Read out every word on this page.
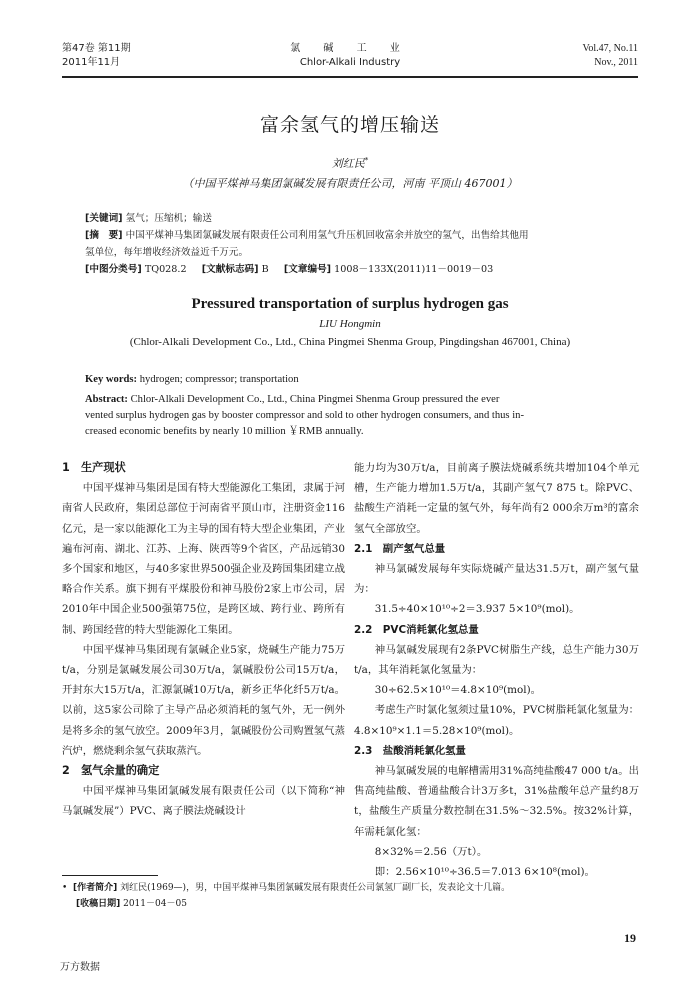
第47卷 第11期
2011年11月
氯 碱 工 业
Chlor-Alkali Industry
Vol.47, No.11
Nov., 2011
富余氢气的增压输送
刘红民*
（中国平煤神马集团氯碱发展有限责任公司，河南 平顶山 467001）

[关键词] 氢气；压缩机；输送

[摘　要] 中国平煤神马集团氯碱发展有限责任公司利用氢气升压机回收富余并放空的氢气，出售给其他用

氢单位，每年增收经济效益近千万元。

[中图分类号] TQ028.2 [文献标志码] B [文章编号] 1008－133X(2011)11－0019－03

Pressured transportation of surplus hydrogen gas
LIU Hongmin
(Chlor-Alkali Development Co., Ltd., China Pingmei Shenma Group, Pingdingshan 467001, China)

Key words: hydrogen; compressor; transportation

Abstract: Chlor-Alkali Development Co., Ltd., China Pingmei Shenma Group pressured the ever

vented surplus hydrogen gas by booster compressor and sold to other hydrogen consumers, and thus in-

creased economic benefits by nearly 10 million ￥RMB annually.

1　生产现状

中国平煤神马集团是国有特大型能源化工集团，隶属于河南省人民政府，集团总部位于河南省平顶山市，注册资金116亿元，是一家以能源化工为主导的国有特大型企业集团，产业遍布河南、湖北、江苏、上海、陕西等9个省区，产品远销30多个国家和地区，与40多家世界500强企业及跨国集团建立战略合作关系。旗下拥有平煤股份和神马股份2家上市公司，居2010年中国企业500强第75位，是跨区域、跨行业、跨所有制、跨国经营的特大型能源化工集团。

中国平煤神马集团现有氯碱企业5家，烧碱生产能力75万t/a，分别是氯碱发展公司30万t/a，氯碱股份公司15万t/a，开封东大15万t/a，汇源氯碱10万t/a，新乡正华化纤5万t/a。以前，这5家公司除了主导产品必须消耗的氢气外，无一例外是将多余的氢气放空。2009年3月，氯碱股份公司购置氢气蒸汽炉，燃烧剩余氢气获取蒸汽。

2　氢气余量的确定

中国平煤神马集团氯碱发展有限责任公司（以下简称“神马氯碱发展”）PVC、离子膜法烧碱设计

能力均为30万t/a，目前离子膜法烧碱系统共增加104个单元槽，生产能力增加1.5万t/a，其副产氢气7 875 t。除PVC、盐酸生产消耗一定量的氢气外，每年尚有2 000余万m³的富余氢气全部放空。

2.1　副产氢气总量

神马氯碱发展每年实际烧碱产量达31.5万t，副产氢气量为：

31.5÷40×10¹⁰÷2＝3.937 5×10⁹(mol)。

2.2　PVC消耗氯化氢总量

神马氯碱发展现有2条PVC树脂生产线，总生产能力30万t/a，其年消耗氯化氢量为：

30÷62.5×10¹⁰＝4.8×10⁹(mol)。

考虑生产时氯化氢须过量10%，PVC树脂耗氯化氢量为：4.8×10⁹×1.1＝5.28×10⁹(mol)。

2.3　盐酸消耗氯化氢量

神马氯碱发展的电解槽需用31%高纯盐酸47 000 t/a。出售高纯盐酸、普通盐酸合计3万多t，31%盐酸年总产量约8万t，盐酸生产质量分数控制在31.5%～32.5%。按32%计算，年需耗氯化氢：

8×32%＝2.56（万t）。

即：2.56×10¹⁰÷36.5＝7.013 6×10⁸(mol)。

•  [作者简介] 刘红民(1969—)，男，中国平煤神马集团氯碱发展有限责任公司氯氢厂副厂长，发表论文十几篇。

[收稿日期] 2011－04－05

19
万方数据
